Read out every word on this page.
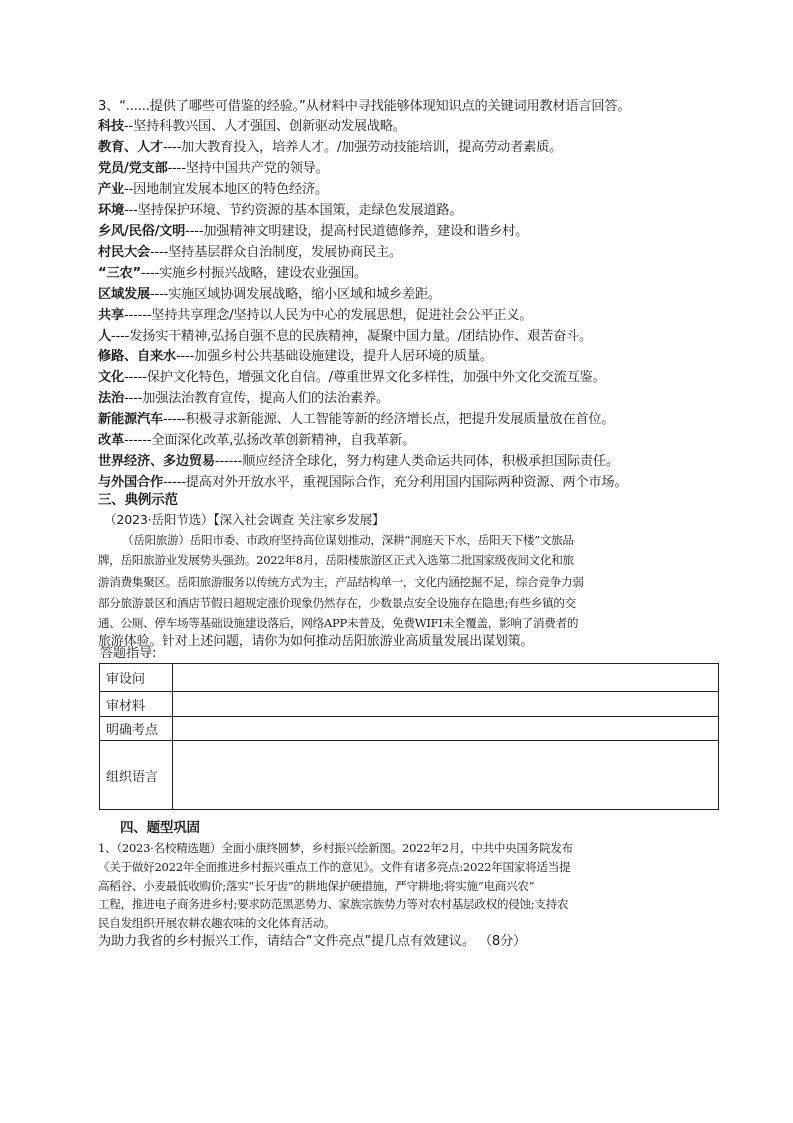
3、“......提供了哪些可借鉴的经验。”从材料中寻找能够体现知识点的关键词用教材语言回答。
科技--坚持科教兴国、人才强国、创新驱动发展战略。
教育、人才----加大教育投入，培养人才。/加强劳动技能培训，提高劳动者素质。
党员/党支部----坚持中国共产党的领导。
产业--因地制宜发展本地区的特色经济。
环境---坚持保护环境、节约资源的基本国策，走绿色发展道路。
乡风/民俗/文明----加强精神文明建设，提高村民道德修养，建设和谐乡村。
村民大会----坚持基层群众自治制度，发展协商民主。
“三农”----实施乡村振兴战略，建设农业强国。
区域发展----实施区域协调发展战略，缩小区域和城乡差距。
共享------坚持共享理念/坚持以人民为中心的发展思想，促进社会公平正义。
人----发扬实干精神,弘扬自强不息的民族精神，凝聚中国力量。/团结协作、艰苦奋斗。
修路、自来水----加强乡村公共基础设施建设，提升人居环境的质量。
文化-----保护文化特色，增强文化自信。/尊重世界文化多样性，加强中外文化交流互鉴。
法治----加强法治教育宣传，提高人们的法治素养。
新能源汽车-----积极寻求新能源、人工智能等新的经济增长点，把提升发展质量放在首位。
改革------全面深化改革,弘扬改革创新精神，自我革新。
世界经济、多边贸易------顺应经济全球化，努力构建人类命运共同体，积极承担国际责任。
与外国合作-----提高对外开放水平，重视国际合作，充分利用国内国际两种资源、两个市场。
三、典例示范
（2023·岳阳节选）【深入社会调查 关注家乡发展】
（岳阳旅游）岳阳市委、市政府坚持高位谋划推动，深耕“洞庭天下水，岳阳天下楼”文旅品
牌，岳阳旅游业发展势头强劲。2022年8月，岳阳楼旅游区正式入选第二批国家级夜间文化和旅
游消费集聚区。岳阳旅游服务以传统方式为主，产品结构单一，文化内涵挖掘不足，综合竞争力弱
部分旅游景区和酒店节假日超规定涨价现象仍然存在，少数景点安全设施存在隐患;有些乡镇的交
通、公厕、停车场等基础设施建设落后，网络APP未普及，免费WIFI未全覆盖，影响了消费者的
旅游体验。针对上述问题，请你为如何推动岳阳旅游业高质量发展出谋划策。
答题指导:
审设问	
审材料	
明确考点	
组织语言	
四、题型巩固
1、（2023·名校精选题）全面小康终圆梦，乡村振兴绘新图。2022年2月，中共中央国务院发布
《关于做好2022年全面推进乡村振兴重点工作的意见》。文件有诸多亮点:2022年国家将适当提
高稻谷、小麦最低收购价;落实“长牙齿”的耕地保护硬措施，严守耕地;将实施“电商兴农”
工程，推进电子商务进乡村;要求防范黑恶势力、家族宗族势力等对农村基层政权的侵蚀;支持农
民自发组织开展农耕农趣农味的文化体育活动。
为助力我省的乡村振兴工作，请结合“文件亮点”提几点有效建议。 （8分）
